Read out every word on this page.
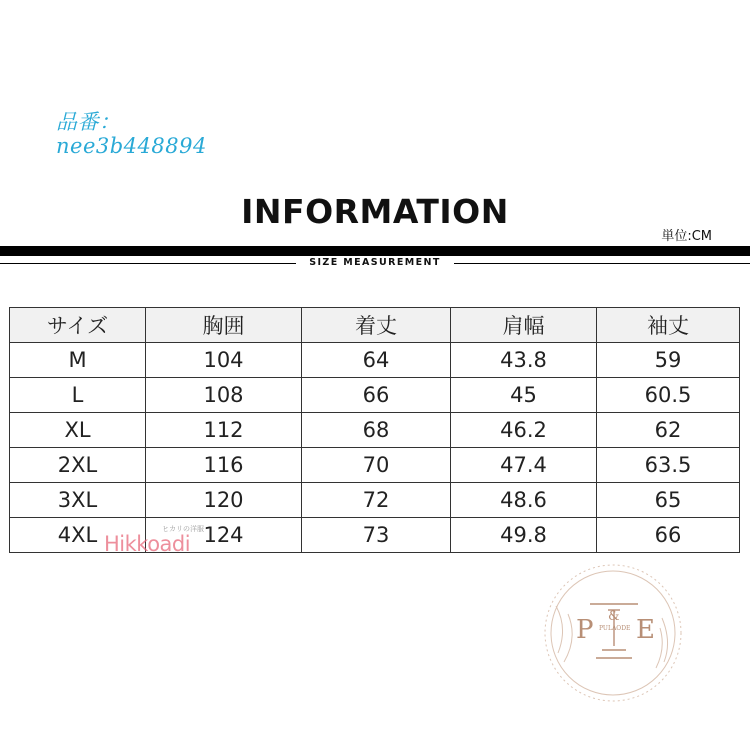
品番：
nee3b448894
INFORMATION
単位:CM
SIZE MEASUREMENT
サイズ	胸囲	着丈	肩幅	袖丈
M	104	64	43.8	59
L	108	66	45	60.5
XL	112	68	46.2	62
2XL	116	70	47.4	63.5
3XL	120	72	48.6	65
4XL	124	73	49.8	66
ヒカリの洋服
Hikkoadi
P & E
PULAODE
